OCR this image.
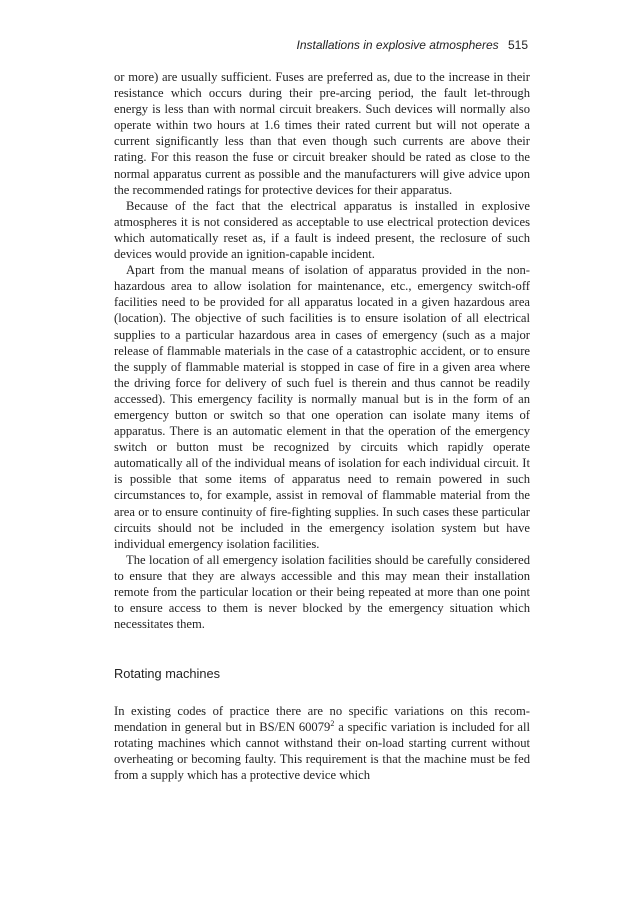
Installations in explosive atmospheres 515

or more) are usually sufficient. Fuses are preferred as, due to the increase in their resistance which occurs during their pre-arcing period, the fault let-through energy is less than with normal circuit breakers. Such devices will normally also operate within two hours at 1.6 times their rated current but will not operate a current significantly less than that even though such currents are above their rating. For this reason the fuse or circuit breaker should be rated as close to the normal apparatus current as possible and the manufacturers will give advice upon the recommended ratings for protective devices for their apparatus.

Because of the fact that the electrical apparatus is installed in explosive atmospheres it is not considered as acceptable to use electrical protection devices which automatically reset as, if a fault is indeed present, the reclosure of such devices would provide an ignition-capable incident.

Apart from the manual means of isolation of apparatus provided in the non-hazardous area to allow isolation for maintenance, etc., emergency switch-off facilities need to be provided for all apparatus located in a given hazardous area (location). The objective of such facilities is to ensure isolation of all electrical supplies to a particular hazardous area in cases of emergency (such as a major release of flammable materials in the case of a catastrophic accident, or to ensure the supply of flammable material is stopped in case of fire in a given area where the driving force for delivery of such fuel is therein and thus cannot be readily accessed). This emergency facility is normally manual but is in the form of an emergency button or switch so that one operation can isolate many items of apparatus. There is an automatic element in that the operation of the emergency switch or button must be recognized by circuits which rapidly operate automatically all of the individual means of isolation for each individual circuit. It is possible that some items of apparatus need to remain powered in such circumstances to, for example, assist in removal of flammable material from the area or to ensure continuity of fire-fighting supplies. In such cases these particular circuits should not be included in the emergency isolation system but have individual emergency isolation facilities.

The location of all emergency isolation facilities should be carefully considered to ensure that they are always accessible and this may mean their installation remote from the particular location or their being repeated at more than one point to ensure access to them is never blocked by the emergency situation which necessitates them.

Rotating machines

In existing codes of practice there are no specific variations on this recommendation in general but in BS/EN 60079$^2$ a specific variation is included for all rotating machines which cannot withstand their on-load starting current without overheating or becoming faulty. This requirement is that the machine must be fed from a supply which has a protective device which
